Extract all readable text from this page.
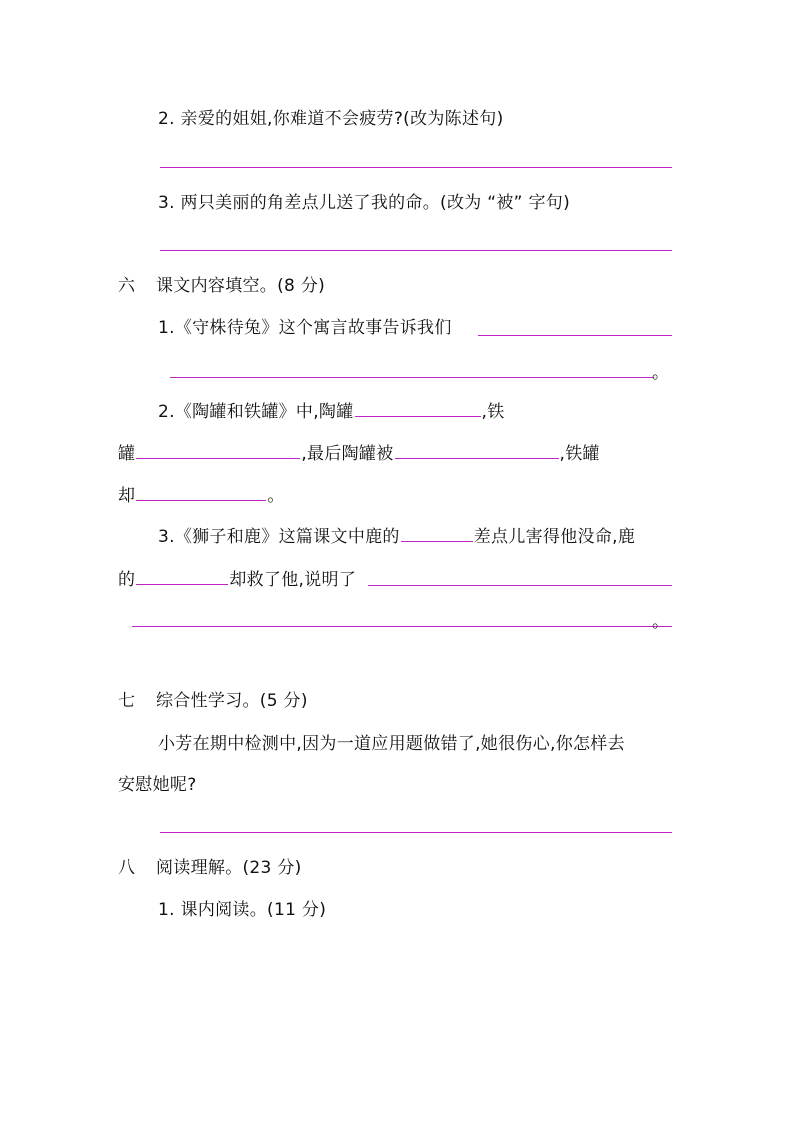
2. 亲爱的姐姐,你难道不会疲劳?(改为陈述句)
3. 两只美丽的角差点儿送了我的命。(改为 “被” 字句)
六 课文内容填空。(8 分)
1.《守株待兔》这个寓言故事告诉我们
。
2.《陶罐和铁罐》中,陶罐	,铁
罐	,最后陶罐被	,铁罐
却	。
3.《狮子和鹿》这篇课文中鹿的	差点儿害得他没命,鹿
的	却救了他,说明了
。
七 综合性学习。(5 分)
小芳在期中检测中,因为一道应用题做错了,她很伤心,你怎样去
安慰她呢?
八 阅读理解。(23 分)
1. 课内阅读。(11 分)
